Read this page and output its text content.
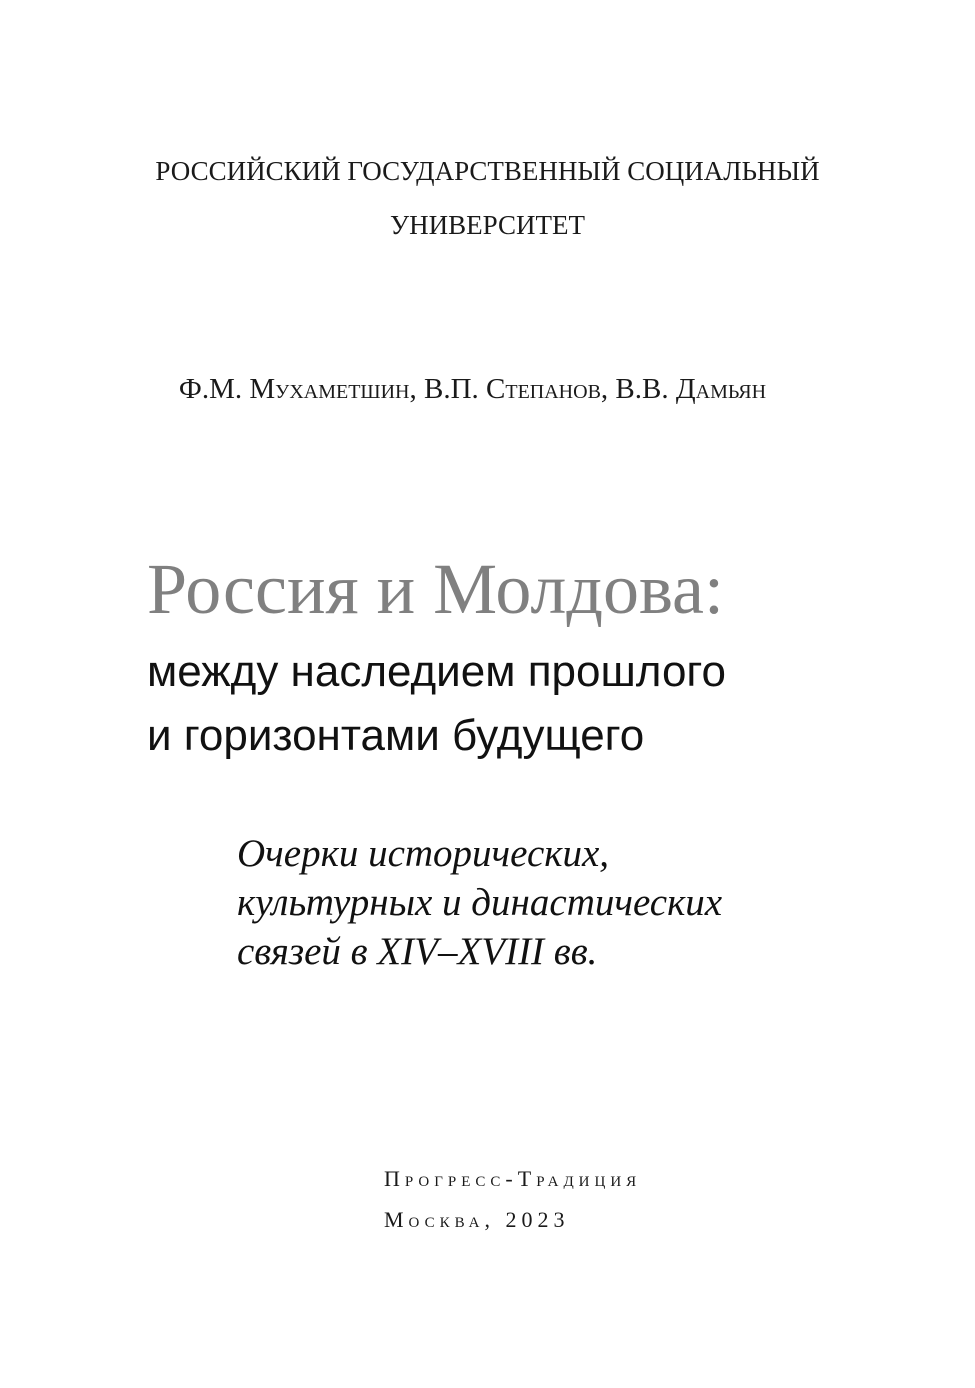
РОССИЙСКИЙ ГОСУДАРСТВЕННЫЙ СОЦИАЛЬНЫЙ
УНИВЕРСИТЕТ
Ф.М. Мухаметшин, В.П. Степанов, В.В. Дамьян
Россия и Молдова:
между наследием прошлого
и горизонтами будущего
Очерки исторических,
культурных и династических
связей в XIV–XVIII вв.
Прогресс-Традиция
Москва, 2023
